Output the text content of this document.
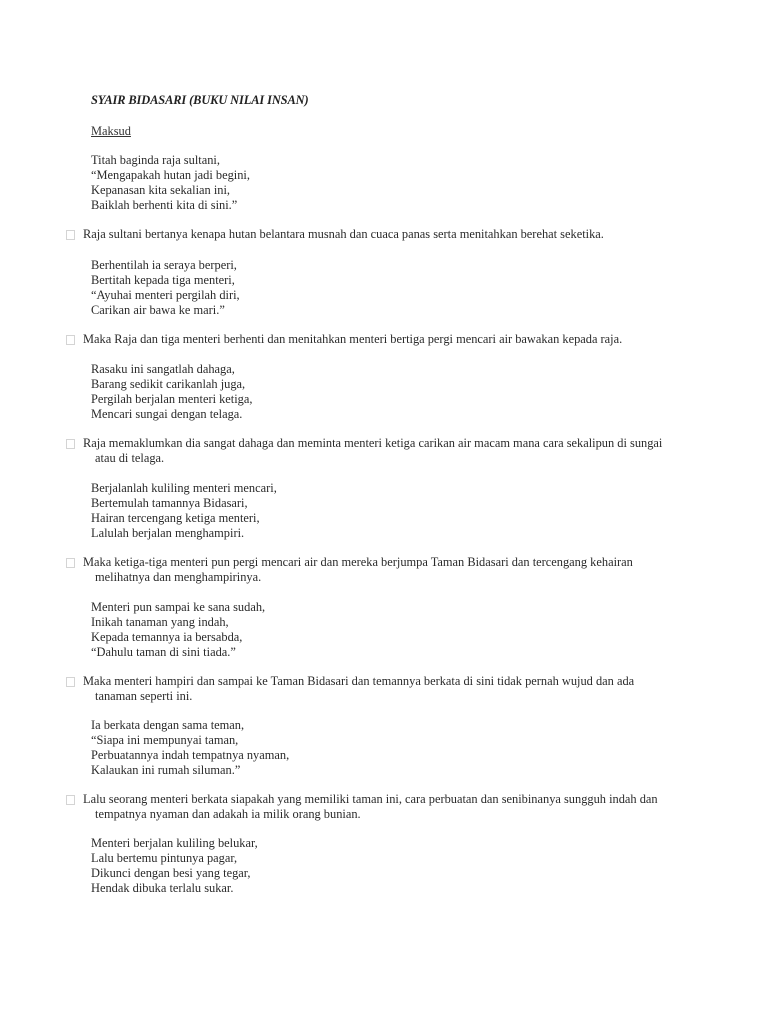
SYAIR BIDASARI (BUKU NILAI INSAN)
Maksud
Titah baginda raja sultani,
“Mengapakah hutan jadi begini,
Kepanasan kita sekalian ini,
Baiklah berhenti kita di sini.”
Raja sultani bertanya kenapa hutan belantara musnah dan cuaca panas serta menitahkan berehat seketika.
Berhentilah ia seraya berperi,
Bertitah kepada tiga menteri,
“Ayuhai menteri pergilah diri,
Carikan air bawa ke mari.”
Maka Raja dan tiga menteri berhenti dan menitahkan menteri bertiga pergi mencari air bawakan kepada raja.
Rasaku ini sangatlah dahaga,
Barang sedikit carikanlah juga,
Pergilah berjalan menteri ketiga,
Mencari sungai dengan telaga.
Raja memaklumkan dia sangat dahaga dan meminta menteri ketiga carikan air macam mana cara sekalipun di sungai
atau di telaga.
Berjalanlah kuliling menteri mencari,
Bertemulah tamannya Bidasari,
Hairan tercengang ketiga menteri,
Lalulah berjalan menghampiri.
Maka ketiga-tiga menteri pun pergi mencari air dan mereka berjumpa Taman Bidasari dan tercengang kehairan
melihatnya dan menghampirinya.
Menteri pun sampai ke sana sudah,
Inikah tanaman yang indah,
Kepada temannya ia bersabda,
“Dahulu taman di sini tiada.”
Maka menteri hampiri dan sampai ke Taman Bidasari dan temannya berkata di sini tidak pernah wujud dan ada
tanaman seperti ini.
Ia berkata dengan sama teman,
“Siapa ini mempunyai taman,
Perbuatannya indah tempatnya nyaman,
Kalaukan ini rumah siluman.”
Lalu seorang menteri berkata siapakah yang memiliki taman ini, cara perbuatan dan senibinanya sungguh indah dan
tempatnya nyaman dan adakah ia milik orang bunian.
Menteri berjalan kuliling belukar,
Lalu bertemu pintunya pagar,
Dikunci dengan besi yang tegar,
Hendak dibuka terlalu sukar.
